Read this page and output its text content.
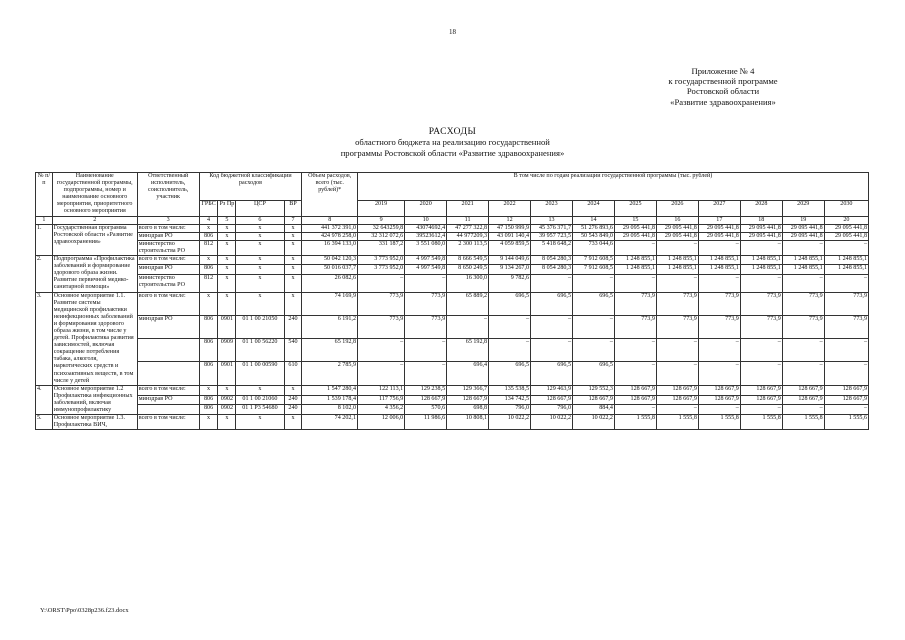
18
Приложение № 4
к государственной программе
Ростовской области
«Развитие здравоохранения»
РАСХОДЫ
областного бюджета на реализацию государственной
программы Ростовской области «Развитие здравоохранения»
№ п/п	Наименование государственной программы, подпрограммы, номер и наименование основного мероприятия, приоритетного основного мероприятия	Ответственный исполнитель, соисполнитель, участник	Код бюджетной классификации расходов				Объем расходов, всего (тыс. рублей)*	В том числе по годам реализации государственной программы (тыс. рублей)											
			ГРБС	Рз Пр	ЦСР	ВР		2019	2020	2021	2022	2023	2024	2025	2026	2027	2028	2029	2030
1	2	3	4	5	6	7	8	9	10	11	12	13	14	15	16	17	18	19	20
1.	Государственная программа Ростовской области «Развитие здравоохранения»	всего в том числе:	x	x	x	x	441 372 391,0	32 643259,8	43074692,4	47 277 322,8	47 150 999,9	45 376 371,7	51 276 893,6	29 095 441,8	29 095 441,8	29 095 441,8	29 095 441,8	29 095 441,8	29 095 441,8
		минздрав РО	806	x	x	x	424 978 258,0	32 312 072,6	39523612,4	44 977209,3	43 091 140,4	39 957 723,5	50 543 849,0	29 095 441,8	29 095 441,8	29 095 441,8	29 095 441,8	29 095 441,8	29 095 441,8
		министерство строительства РО	812	x	x	x	16 394 133,0	331 187,2	3 551 080,0	2 300 113,5	4 059 859,5	5 418 648,2	733 044,6	–	–	–	–	–	–
2.	Подпрограмма «Профилактика заболеваний и формирование здорового образа жизни. Развитие первичной медико-санитарной помощи»	всего в том числе:	x	x	x	x	50 042 120,3	3 773 952,0	4 997 549,8	8 666 549,5	9 144 049,6	8 054 280,3	7 912 608,5	1 248 855,1	1 248 855,1	1 248 855,1	1 248 855,1	1 248 855,1	1 248 855,1
		минздрав РО	806	x	x	x	50 016 037,7	3 773 952,0	4 997 549,8	8 650 249,5	9 134 267,0	8 054 280,3	7 912 608,5	1 248 855,1	1 248 855,1	1 248 855,1	1 248 855,1	1 248 855,1	1 248 855,1
		министерство строительства РО	812	x	x	x	26 082,6	–	–	16 300,0	9 782,6	–	–	–	–	–	–	–	–
3.	Основное мероприятие 1.1. Развитие системы медицинской профилактики неинфекционных заболеваний и формирования здорового образа жизни, в том числе у детей. Профилактика развития зависимостей, включая сокращение потребления табака, алкоголя, наркотических средств и психоактивных веществ, в том числе у детей	всего в том числе:	x	x	x	x	74 169,9	773,9	773,9	65 889,2	696,5	696,5	696,5	773,9	773,9	773,9	773,9	773,9	773,9
		минздрав РО	806	0901	01 1 00 21050	240	6 191,2	773,9	773,9	–	–	–	–	773,9	773,9	773,9	773,9	773,9	773,9
			806	0909	01 1 00 56220	540	65 192,8	–	–	65 192,8	–	–	–	–	–	–	–	–	–
			806	0901	01 1 00 00590	610	2 785,9	–	–	696,4	696,5	696,5	696,5	–	–	–	–	–	–
4.	Основное мероприятие 1.2 Профилактика инфекционных заболеваний, включая иммунопрофилактику	всего в том числе:	x	x	x	x	1 547 280,4	122 113,1	129 238,5	129 366,7	135 538,5	129 463,9	129 552,3	128 667,9	128 667,9	128 667,9	128 667,9	128 667,9	128 667,9
		минздрав РО	806	0902	01 1 00 21060	240	1 539 178,4	117 756,9	128 667,9	128 667,9	134 742,5	128 667,9	128 667,9	128 667,9	128 667,9	128 667,9	128 667,9	128 667,9	128 667,9
			806	0902	01 1 Р3 54680	240	8 102,0	4 356,2	570,6	698,8	796,0	796,0	884,4	–	–	–	–	–	–
5.	Основное мероприятие 1.3. Профилактика ВИЧ,	всего в том числе:	x	x	x	x	74 202,1	12 006,0	11 986,6	10 808,1	10 022,2	10 022,2	10 022,2	1 555,8	1 555,8	1 555,8	1 555,8	1 555,8	1 555,6
Y:\ORST\Ppo\0328p236.f23.docx
